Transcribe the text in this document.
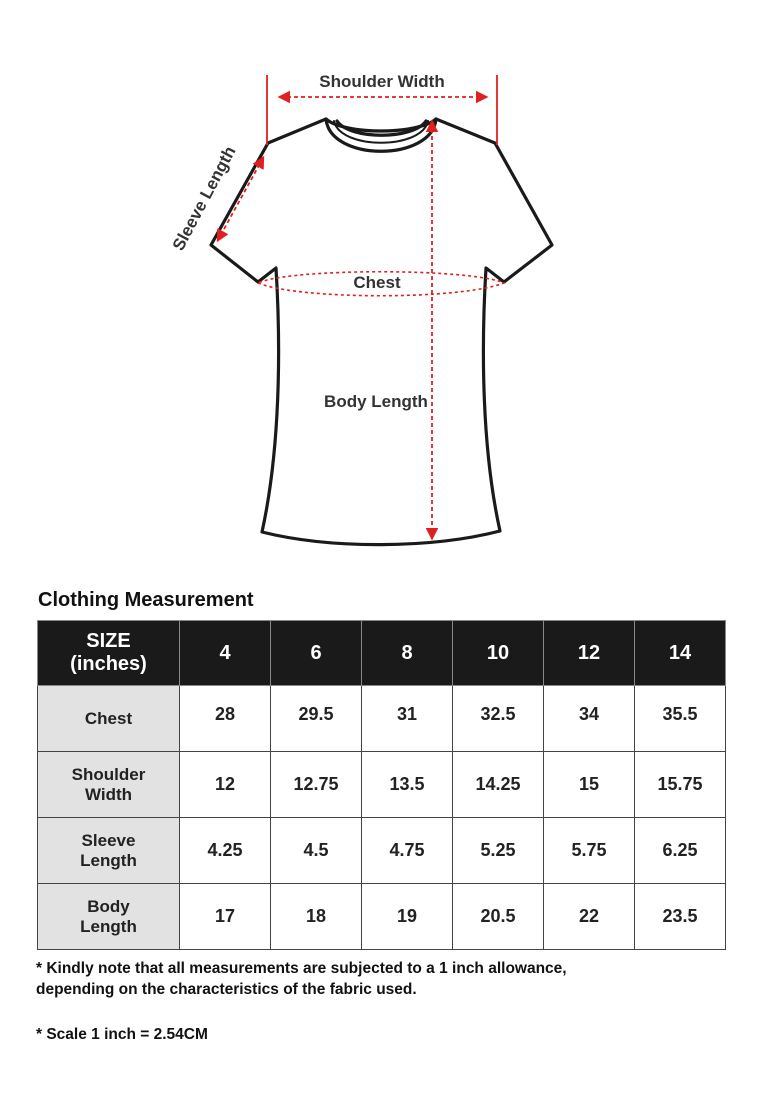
Shoulder Width
Sleeve Length
Chest
Body Length
Clothing Measurement
SIZE
(inches)	4	6	8	10	12	14
Chest	28	29.5	31	32.5	34	35.5
Shoulder
Width	12	12.75	13.5	14.25	15	15.75
Sleeve
Length	4.25	4.5	4.75	5.25	5.75	6.25
Body
Length	17	18	19	20.5	22	23.5

* Kindly note that all measurements are subjected to a 1 inch allowance,
depending on the characteristics of the fabric used.

* Scale 1 inch = 2.54CM
